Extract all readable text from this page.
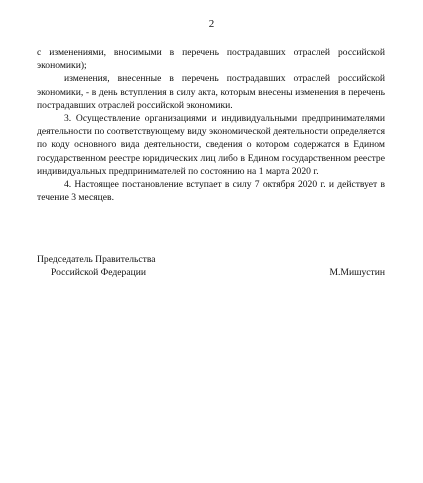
2

с изменениями, вносимыми в перечень пострадавших отраслей российской экономики);

изменения, внесенные в перечень пострадавших отраслей российской экономики, - в день вступления в силу акта, которым внесены изменения в перечень пострадавших отраслей российской экономики.

3. Осуществление организациями и индивидуальными предпринимателями деятельности по соответствующему виду экономической деятельности определяется по коду основного вида деятельности, сведения о котором содержатся в Едином государственном реестре юридических лиц либо в Едином государственном реестре индивидуальных предпринимателей по состоянию на 1 марта 2020 г.

4. Настоящее постановление вступает в силу 7 октября 2020 г. и действует в течение 3 месяцев.

Председатель Правительства
Российской Федерации	М.Мишустин
